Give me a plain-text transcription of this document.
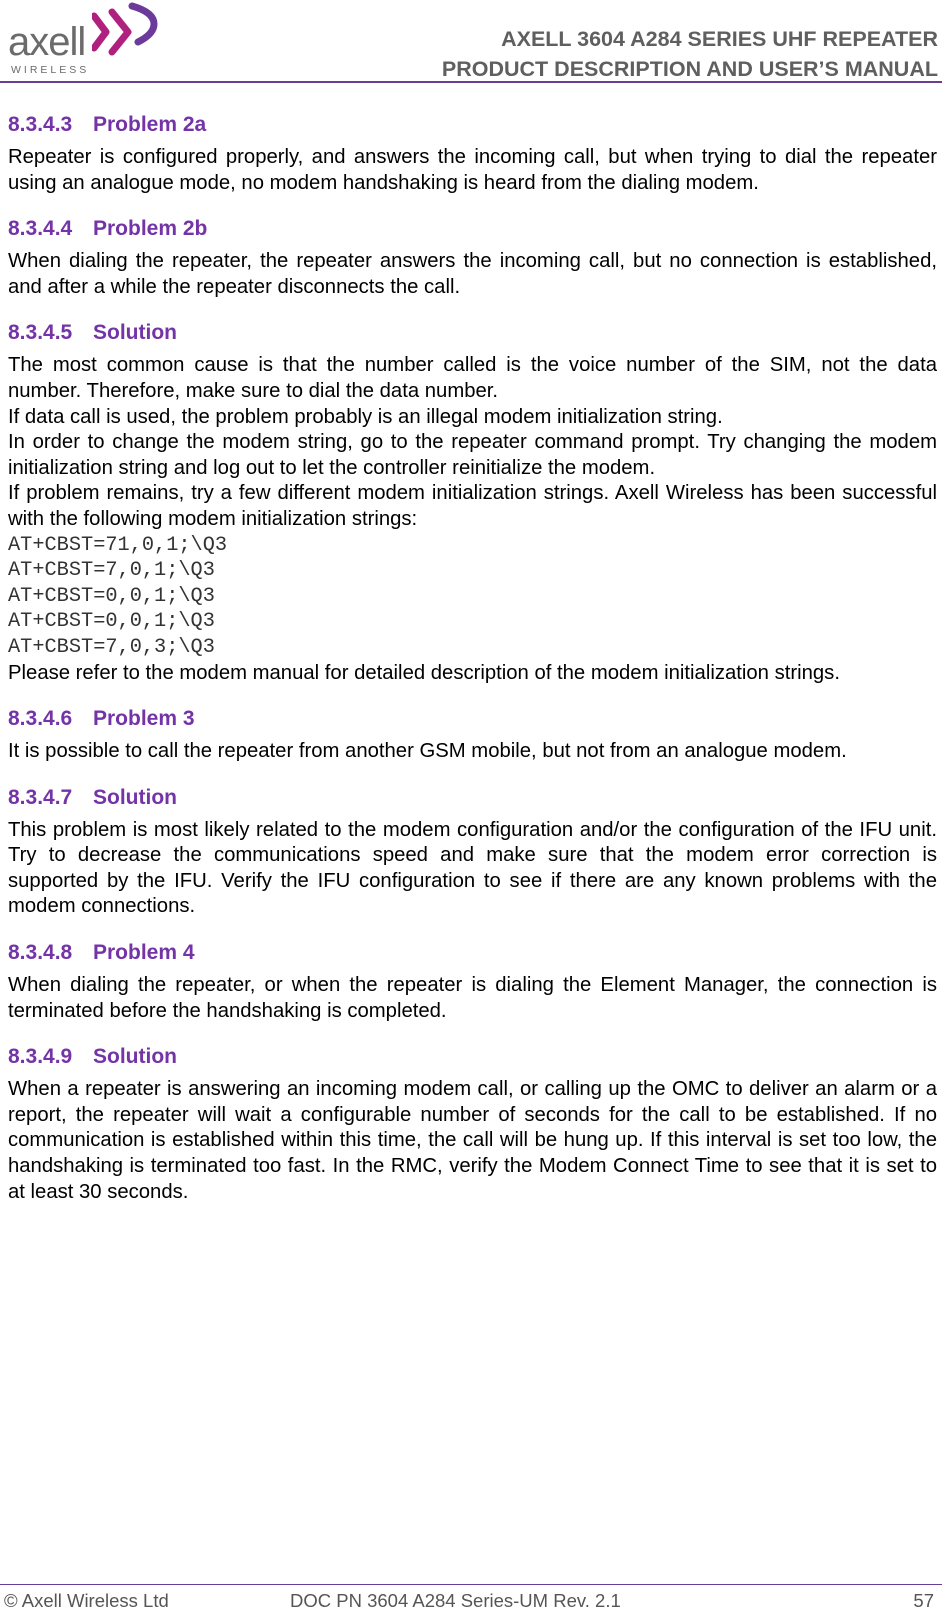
axell
WIRELESS
AXELL 3604 A284 SERIES UHF REPEATER
PRODUCT DESCRIPTION AND USER’S MANUAL
8.3.4.3 Problem 2a

Repeater is configured properly, and answers the incoming call, but when trying to dial the repeater using an analogue mode, no modem handshaking is heard from the dialing modem.

8.3.4.4 Problem 2b

When dialing the repeater, the repeater answers the incoming call, but no connection is established, and after a while the repeater disconnects the call.

8.3.4.5 Solution
The most common cause is that the number called is the voice number of the SIM, not the data number. Therefore, make sure to dial the data number.
If data call is used, the problem probably is an illegal modem initialization string.
In order to change the modem string, go to the repeater command prompt. Try changing the modem initialization string and log out to let the controller reinitialize the modem.
If problem remains, try a few different modem initialization strings. Axell Wireless has been successful with the following modem initialization strings:
AT+CBST=71,0,1;\Q3
AT+CBST=7,0,1;\Q3
AT+CBST=0,0,1;\Q3
AT+CBST=0,0,1;\Q3
AT+CBST=7,0,3;\Q3
Please refer to the modem manual for detailed description of the modem initialization strings.
8.3.4.6 Problem 3

It is possible to call the repeater from another GSM mobile, but not from an analogue modem.

8.3.4.7 Solution

This problem is most likely related to the modem configuration and/or the configuration of the IFU unit. Try to decrease the communications speed and make sure that the modem error correction is supported by the IFU. Verify the IFU configuration to see if there are any known problems with the modem connections.

8.3.4.8 Problem 4

When dialing the repeater, or when the repeater is dialing the Element Manager, the connection is terminated before the handshaking is completed.

8.3.4.9 Solution

When a repeater is answering an incoming modem call, or calling up the OMC to deliver an alarm or a report, the repeater will wait a configurable number of seconds for the call to be established. If no communication is established within this time, the call will be hung up. If this interval is set too low, the handshaking is terminated too fast. In the RMC, verify the Modem Connect Time to see that it is set to at least 30 seconds.

© Axell Wireless Ltd	DOC PN 3604 A284 Series-UM Rev. 2.1	57
